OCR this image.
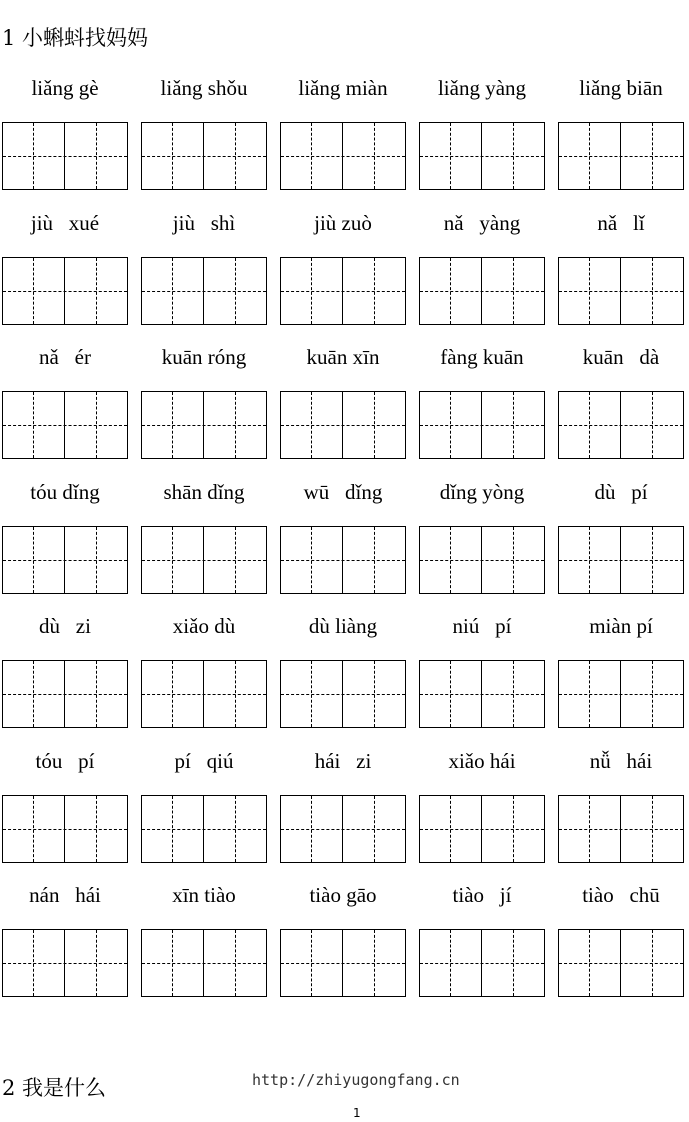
1 小蝌蚪找妈妈
liǎng gè	liǎng shǒu	liǎng miàn	liǎng yàng	liǎng biān
jiù   xué	jiù   shì	jiù zuò	nǎ   yàng	nǎ   lǐ
nǎ   ér	kuān róng	kuān xīn	fàng kuān	kuān   dà
tóu dǐng	shān dǐng	wū   dǐng	dǐng yòng	dù   pí
dù   zi	xiǎo dù	dù liàng	niú   pí	miàn pí
tóu   pí	pí   qiú	hái   zi	xiǎo hái	nǚ   hái
nán   hái	xīn tiào	tiào gāo	tiào   jí	tiào   chū
2 我是什么	http://zhiyugongfang.cn
1
